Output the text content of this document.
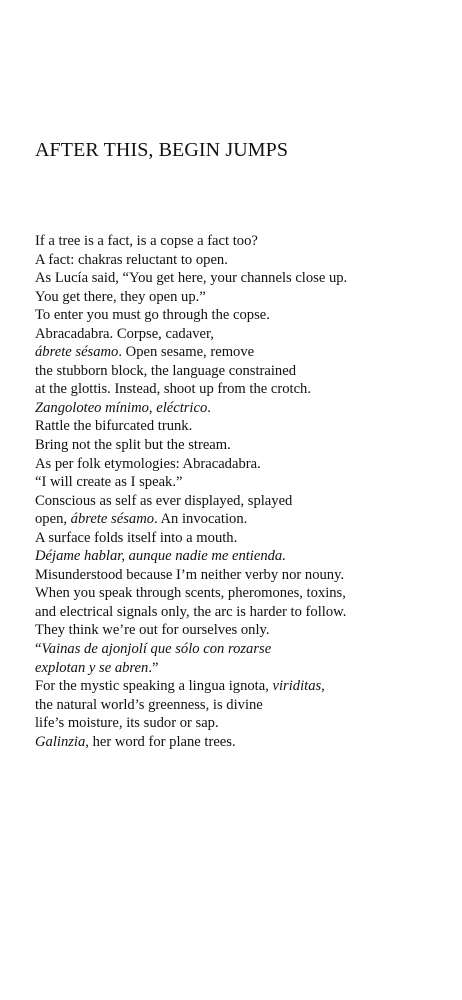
AFTER THIS, BEGIN JUMPS
If a tree is a fact, is a copse a fact too?
A fact: chakras reluctant to open.
As Lucía said, “You get here, your channels close up.
You get there, they open up.”
To enter you must go through the copse.
Abracadabra. Corpse, cadaver,
ábrete sésamo. Open sesame, remove
the stubborn block, the language constrained
at the glottis. Instead, shoot up from the crotch.
Zangoloteo mínimo, eléctrico.
Rattle the bifurcated trunk.
Bring not the split but the stream.
As per folk etymologies: Abracadabra.
“I will create as I speak.”
Conscious as self as ever displayed, splayed
open, ábrete sésamo. An invocation.
A surface folds itself into a mouth.
Déjame hablar, aunque nadie me entienda.
Misunderstood because I’m neither verby nor nouny.
When you speak through scents, pheromones, toxins,
and electrical signals only, the arc is harder to follow.
They think we’re out for ourselves only.
“Vainas de ajonjolí que sólo con rozarse
explotan y se abren.”
For the mystic speaking a lingua ignota, viriditas,
the natural world’s greenness, is divine
life’s moisture, its sudor or sap.
Galinzia, her word for plane trees.
